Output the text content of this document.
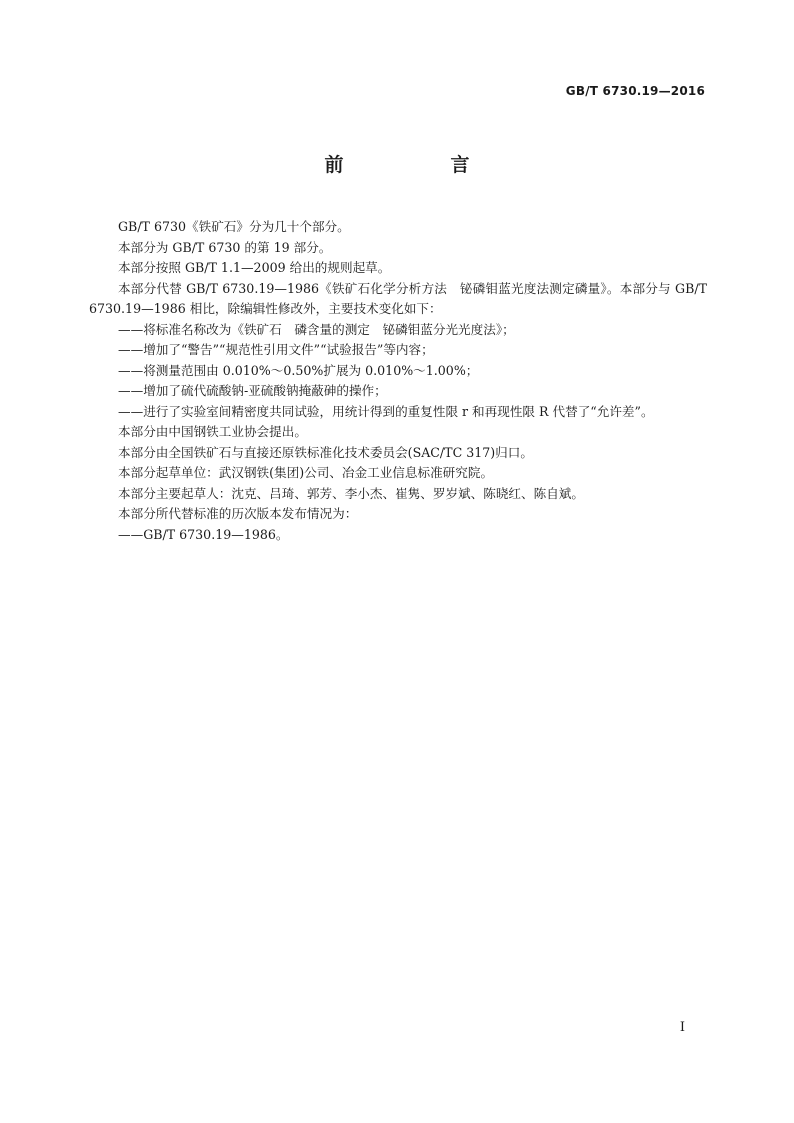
GB/T 6730.19—2016
前　言

GB/T 6730《铁矿石》分为几十个部分。

本部分为 GB/T 6730 的第 19 部分。

本部分按照 GB/T 1.1—2009 给出的规则起草。

本部分代替 GB/T 6730.19—1986《铁矿石化学分析方法　铋磷钼蓝光度法测定磷量》。本部分与 GB/T 6730.19—1986 相比，除编辑性修改外，主要技术变化如下：

——将标准名称改为《铁矿石　磷含量的测定　铋磷钼蓝分光光度法》；

——增加了“警告”“规范性引用文件”“试验报告”等内容；

——将测量范围由 0.010%～0.50%扩展为 0.010%～1.00%；

——增加了硫代硫酸钠-亚硫酸钠掩蔽砷的操作；

——进行了实验室间精密度共同试验，用统计得到的重复性限 r 和再现性限 R 代替了“允许差”。

本部分由中国钢铁工业协会提出。

本部分由全国铁矿石与直接还原铁标准化技术委员会(SAC/TC 317)归口。

本部分起草单位：武汉钢铁(集团)公司、冶金工业信息标准研究院。

本部分主要起草人：沈克、吕琦、郭芳、李小杰、崔隽、罗岁斌、陈晓红、陈自斌。

本部分所代替标准的历次版本发布情况为：

——GB/T 6730.19—1986。

I
